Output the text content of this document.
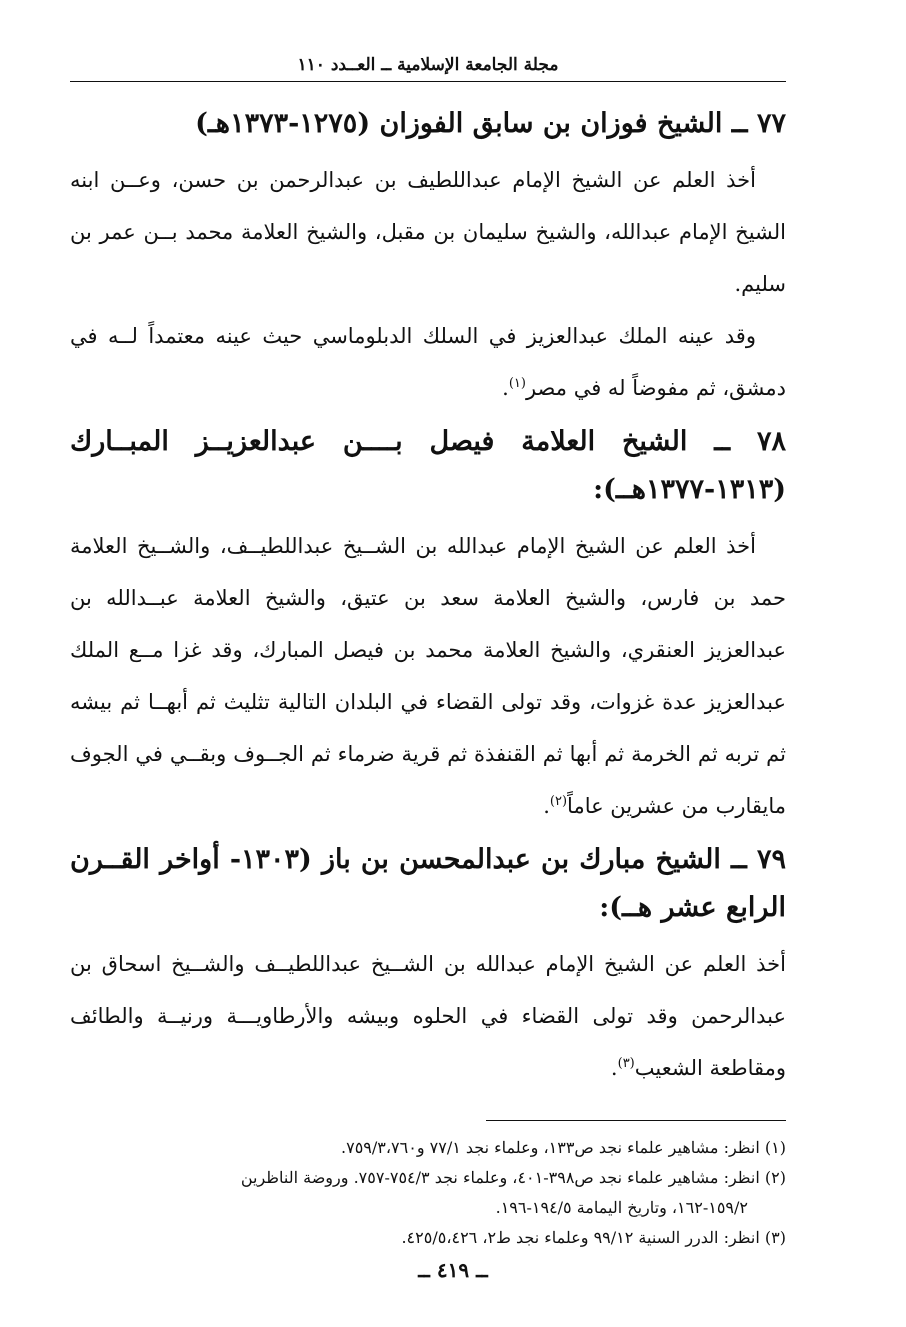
مجلة الجامعة الإسلامية ــ العــدد ١١٠
٧٧ ــ الشيخ فوزان بن سابق الفوزان (١٢٧٥-١٣٧٣هـ)

أخذ العلم عن الشيخ الإمام عبداللطيف بن عبدالرحمن بن حسن، وعــن ابنه الشيخ الإمام عبدالله، والشيخ سليمان بن مقبل، والشيخ العلامة محمد بــن عمر بن سليم.

وقد عينه الملك عبدالعزيز في السلك الدبلوماسي حيث عينه معتمداً لــه في دمشق، ثم مفوضاً له في مصر$^{(١)}$.

٧٨ ــ الشيخ العلامة فيصل بــــن عبدالعزيــز المبــارك (١٣١٣-١٣٧٧هــ):

أخذ العلم عن الشيخ الإمام عبدالله بن الشــيخ عبداللطيــف، والشــيخ العلامة حمد بن فارس، والشيخ العلامة سعد بن عتيق، والشيخ العلامة عبــدالله بن عبدالعزيز العنقري، والشيخ العلامة محمد بن فيصل المبارك، وقد غزا مــع الملك عبدالعزيز عدة غزوات، وقد تولى القضاء في البلدان التالية تثليث ثم أبهــا ثم بيشه ثم تربه ثم الخرمة ثم أبها ثم القنفذة ثم قرية ضرماء ثم الجــوف وبقــي في الجوف مايقارب من عشرين عاماً$^{(٢)}$.

٧٩ ــ الشيخ مبارك بن عبدالمحسن بن باز (١٣٠٣- أواخر القــرن الرابع عشر هــ):

أخذ العلم عن الشيخ الإمام عبدالله بن الشــيخ عبداللطيــف والشــيخ اسحاق بن عبدالرحمن وقد تولى القضاء في الحلوه وبيشه والأرطاويـــة ورنيــة والطائف ومقاطعة الشعيب$^{(٣)}$.

(١) انظر: مشاهير علماء نجد ص١٣٣، وعلماء نجد ٧٧/١ و٧٥٩/٣،٧٦٠.

(٢) انظر: مشاهير علماء نجد ص٣٩٨-٤٠١، وعلماء نجد ٧٥٤/٣-٧٥٧. وروضة الناظرين
١٥٩/٢-١٦٢، وتاريخ اليمامة ١٩٤/٥-١٩٦.

(٣) انظر: الدرر السنية ٩٩/١٢ وعلماء نجد ط٢، ٤٢٥/٥،٤٢٦.

ــ ٤١٩ ــ
